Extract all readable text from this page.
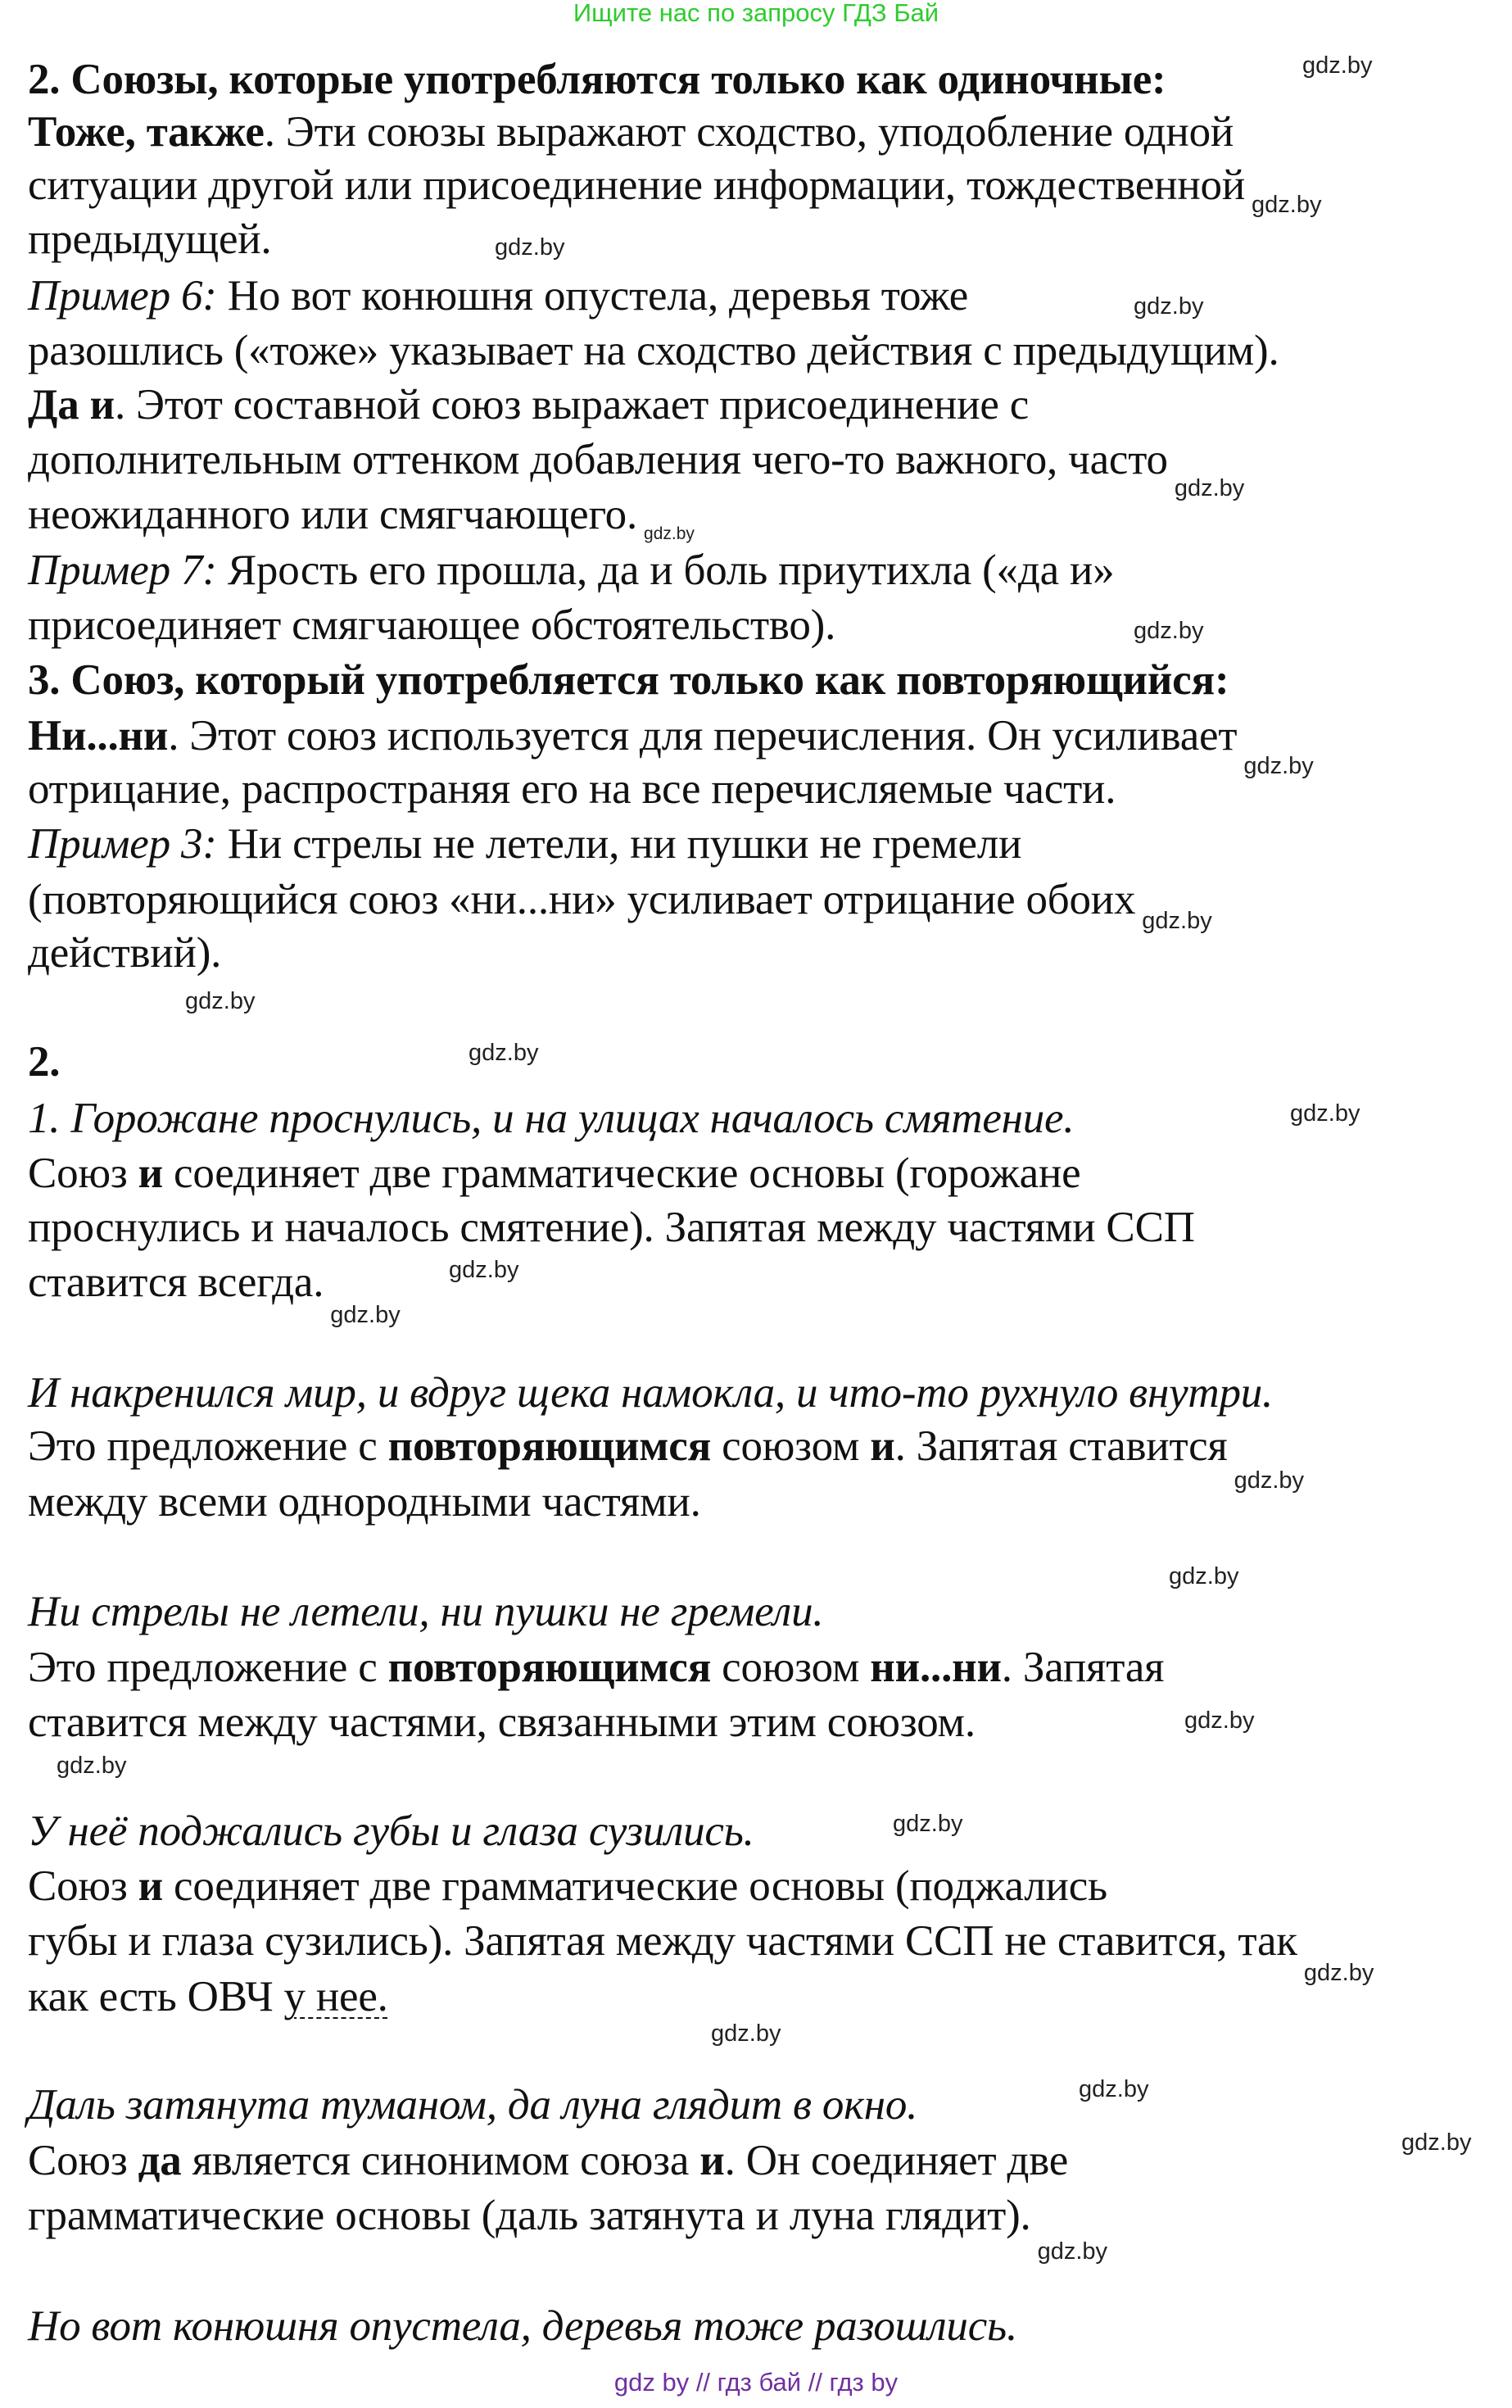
Ищите нас по запросу ГДЗ Бай
2. Союзы, которые употребляются только как одиночные:
Тоже, также. Эти союзы выражают сходство, уподобление одной
ситуации другой или присоединение информации, тождественной
предыдущей.
Пример 6: Но вот конюшня опустела, деревья тоже
разошлись («тоже» указывает на сходство действия с предыдущим).
Да и. Этот составной союз выражает присоединение с
дополнительным оттенком добавления чего-то важного, часто
неожиданного или смягчающего.
Пример 7: Ярость его прошла, да и боль приутихла («да и»
присоединяет смягчающее обстоятельство).
3. Союз, который употребляется только как повторяющийся:
Ни...ни. Этот союз используется для перечисления. Он усиливает
отрицание, распространяя его на все перечисляемые части.
Пример 3: Ни стрелы не летели, ни пушки не гремели
(повторяющийся союз «ни...ни» усиливает отрицание обоих
действий).
2.
1. Горожане проснулись, и на улицах началось смятение.
Союз и соединяет две грамматические основы (горожане
проснулись и началось смятение). Запятая между частями ССП
ставится всегда.
И накренился мир, и вдруг щека намокла, и что-то рухнуло внутри.
Это предложение с повторяющимся союзом и. Запятая ставится
между всеми однородными частями.
Ни стрелы не летели, ни пушки не гремели.
Это предложение с повторяющимся союзом ни...ни. Запятая
ставится между частями, связанными этим союзом.
У неё поджались губы и глаза сузились.
Союз и соединяет две грамматические основы (поджались
губы и глаза сузились). Запятая между частями ССП не ставится, так
как есть ОВЧ у нее.
Даль затянута туманом, да луна глядит в окно.
Союз да является синонимом союза и. Он соединяет две
грамматические основы (даль затянута и луна глядит).
Но вот конюшня опустела, деревья тоже разошлись.
gdz.by
gdz.by
gdz.by
gdz.by
gdz.by
gdz.by
gdz.by
gdz.by
gdz.by
gdz.by
gdz.by
gdz.by
gdz.by
gdz.by
gdz.by
gdz.by
gdz.by
gdz.by
gdz.by
gdz.by
gdz.by
gdz.by
gdz.by
gdz.by
gdz by // гдз бай // гдз by
